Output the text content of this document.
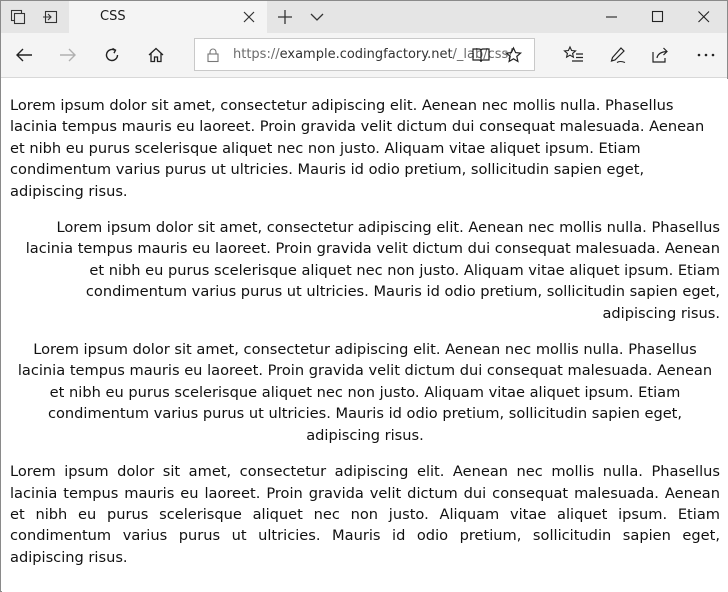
CSS
https://example.codingfactory.net/_lab/css/

Lorem ipsum dolor sit amet, consectetur adipiscing elit. Aenean nec mollis nulla. Phasellus lacinia tempus mauris eu laoreet. Proin gravida velit dictum dui consequat malesuada. Aenean et nibh eu purus scelerisque aliquet nec non justo. Aliquam vitae aliquet ipsum. Etiam condimentum varius purus ut ultricies. Mauris id odio pretium, sollicitudin sapien eget, adipiscing risus.

Lorem ipsum dolor sit amet, consectetur adipiscing elit. Aenean nec mollis nulla. Phasellus lacinia tempus mauris eu laoreet. Proin gravida velit dictum dui consequat malesuada. Aenean et nibh eu purus scelerisque aliquet nec non justo. Aliquam vitae aliquet ipsum. Etiam condimentum varius purus ut ultricies. Mauris id odio pretium, sollicitudin sapien eget, adipiscing risus.

Lorem ipsum dolor sit amet, consectetur adipiscing elit. Aenean nec mollis nulla. Phasellus lacinia tempus mauris eu laoreet. Proin gravida velit dictum dui consequat malesuada. Aenean et nibh eu purus scelerisque aliquet nec non justo. Aliquam vitae aliquet ipsum. Etiam condimentum varius purus ut ultricies. Mauris id odio pretium, sollicitudin sapien eget, adipiscing risus.

Lorem ipsum dolor sit amet, consectetur adipiscing elit. Aenean nec mollis nulla. Phasellus lacinia tempus mauris eu laoreet. Proin gravida velit dictum dui consequat malesuada. Aenean et nibh eu purus scelerisque aliquet nec non justo. Aliquam vitae aliquet ipsum. Etiam condimentum varius purus ut ultricies. Mauris id odio pretium, sollicitudin sapien eget, adipiscing risus.
